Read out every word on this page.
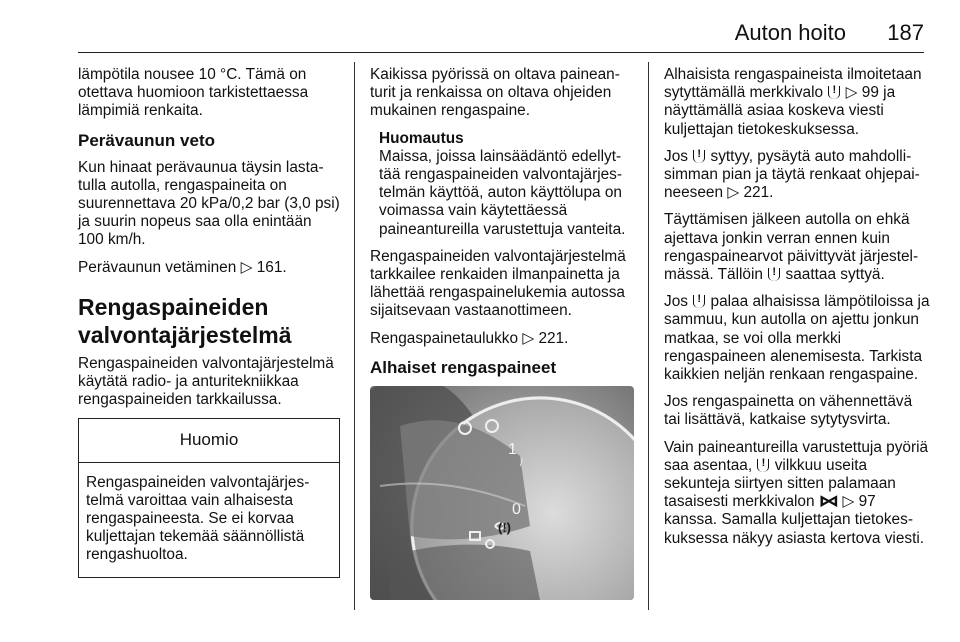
Auton hoito 187

lämpötila nousee 10 °C. Tämä on otettava huomioon tarkistettaessa lämpimiä renkaita.

Perävaunun veto

Kun hinaat perävaunua täysin lastatulla autolla, rengaspaineita on suurennettava 20 kPa/0,2 bar (3,0 psi) ja suurin nopeus saa olla enintään 100 km/h.

Perävaunun vetäminen ▷ 161.

Rengaspaineiden valvontajärjestelmä

Rengaspaineiden valvontajärjestelmä käytätä radio- ja anturitekniikkaa rengaspaineiden tarkkailussa.

Huomio
Rengaspaineiden valvontajärjestelmä varoittaa vain alhaisesta rengaspaineesta. Se ei korvaa kuljettajan tekemää säännöllistä rengashuoltoa.

Kaikissa pyörissä on oltava paineanturit ja renkaissa on oltava ohjeiden mukainen rengaspaine.

Huomautus
Maissa, joissa lainsäädäntö edellyttää rengaspaineiden valvontajärjestelmän käyttöä, auton käyttölupa on voimassa vain käytettäessä paineantureilla varustettuja vanteita.

Rengaspaineiden valvontajärjestelmä tarkkailee renkaiden ilmanpainetta ja lähettää rengaspainelukemia autossa sijaitsevaan vastaanottimeen.

Rengaspainetaulukko ▷ 221.

Alhaiset rengaspaineet
1
0
/
(!)

Alhaisista rengaspaineista ilmoitetaan sytyttämällä merkkivalo ! ▷ 99 ja näyttämällä asiaa koskeva viesti kuljettajan tietokeskuksessa.

Jos ! syttyy, pysäytä auto mahdollisimman pian ja täytä renkaat ohjepaineeseen ▷ 221.

Täyttämisen jälkeen autolla on ehkä ajettava jonkin verran ennen kuin rengaspainearvot päivittyvät järjestelmässä. Tällöin ! saattaa syttyä.

Jos ! palaa alhaisissa lämpötiloissa ja sammuu, kun autolla on ajettu jonkun matkaa, se voi olla merkki rengaspaineen alenemisesta. Tarkista kaikkien neljän renkaan rengaspaine.

Jos rengaspainetta on vähennettävä tai lisättävä, katkaise sytytysvirta.

Vain paineantureilla varustettuja pyöriä saa asentaa, ! vilkkuu useita sekunteja siirtyen sitten palamaan tasaisesti merkkivalon ⋈ ▷ 97 kanssa. Samalla kuljettajan tietokeskuksessa näkyy asiasta kertova viesti.
